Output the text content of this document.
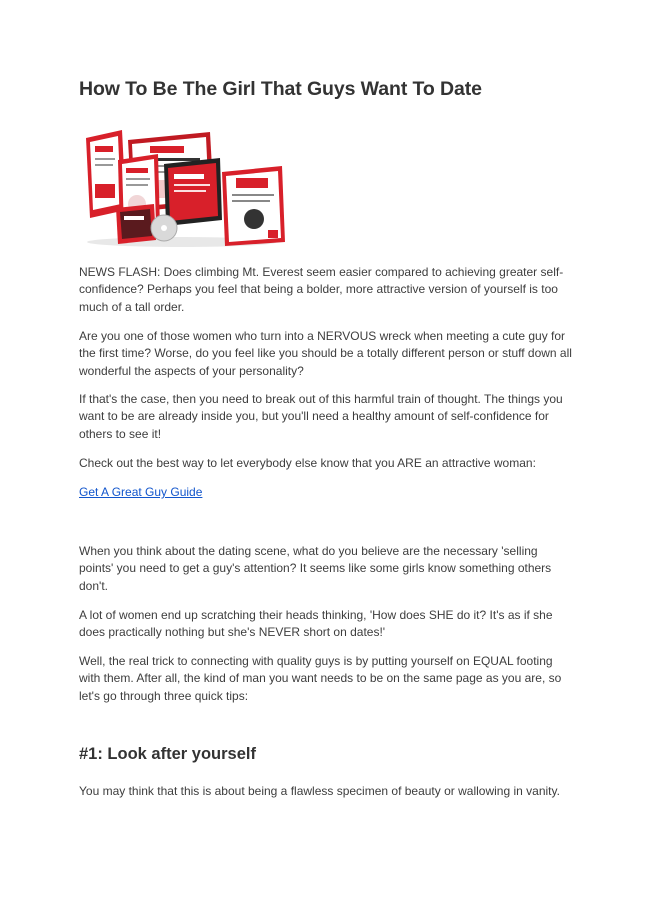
How To Be The Girl That Guys Want To Date

NEWS FLASH: Does climbing Mt. Everest seem easier compared to achieving greater self-confidence? Perhaps you feel that being a bolder, more attractive version of yourself is too much of a tall order.

Are you one of those women who turn into a NERVOUS wreck when meeting a cute guy for the first time? Worse, do you feel like you should be a totally different person or stuff down all wonderful the aspects of your personality?

If that's the case, then you need to break out of this harmful train of thought. The things you want to be are already inside you, but you'll need a healthy amount of self-confidence for others to see it!

Check out the best way to let everybody else know that you ARE an attractive woman:

Get A Great Guy Guide

When you think about the dating scene, what do you believe are the necessary 'selling points' you need to get a guy's attention? It seems like some girls know something others don't.

A lot of women end up scratching their heads thinking, 'How does SHE do it? It's as if she does practically nothing but she's NEVER short on dates!'

Well, the real trick to connecting with quality guys is by putting yourself on EQUAL footing with them. After all, the kind of man you want needs to be on the same page as you are, so let's go through three quick tips:

#1: Look after yourself

You may think that this is about being a flawless specimen of beauty or wallowing in vanity.
